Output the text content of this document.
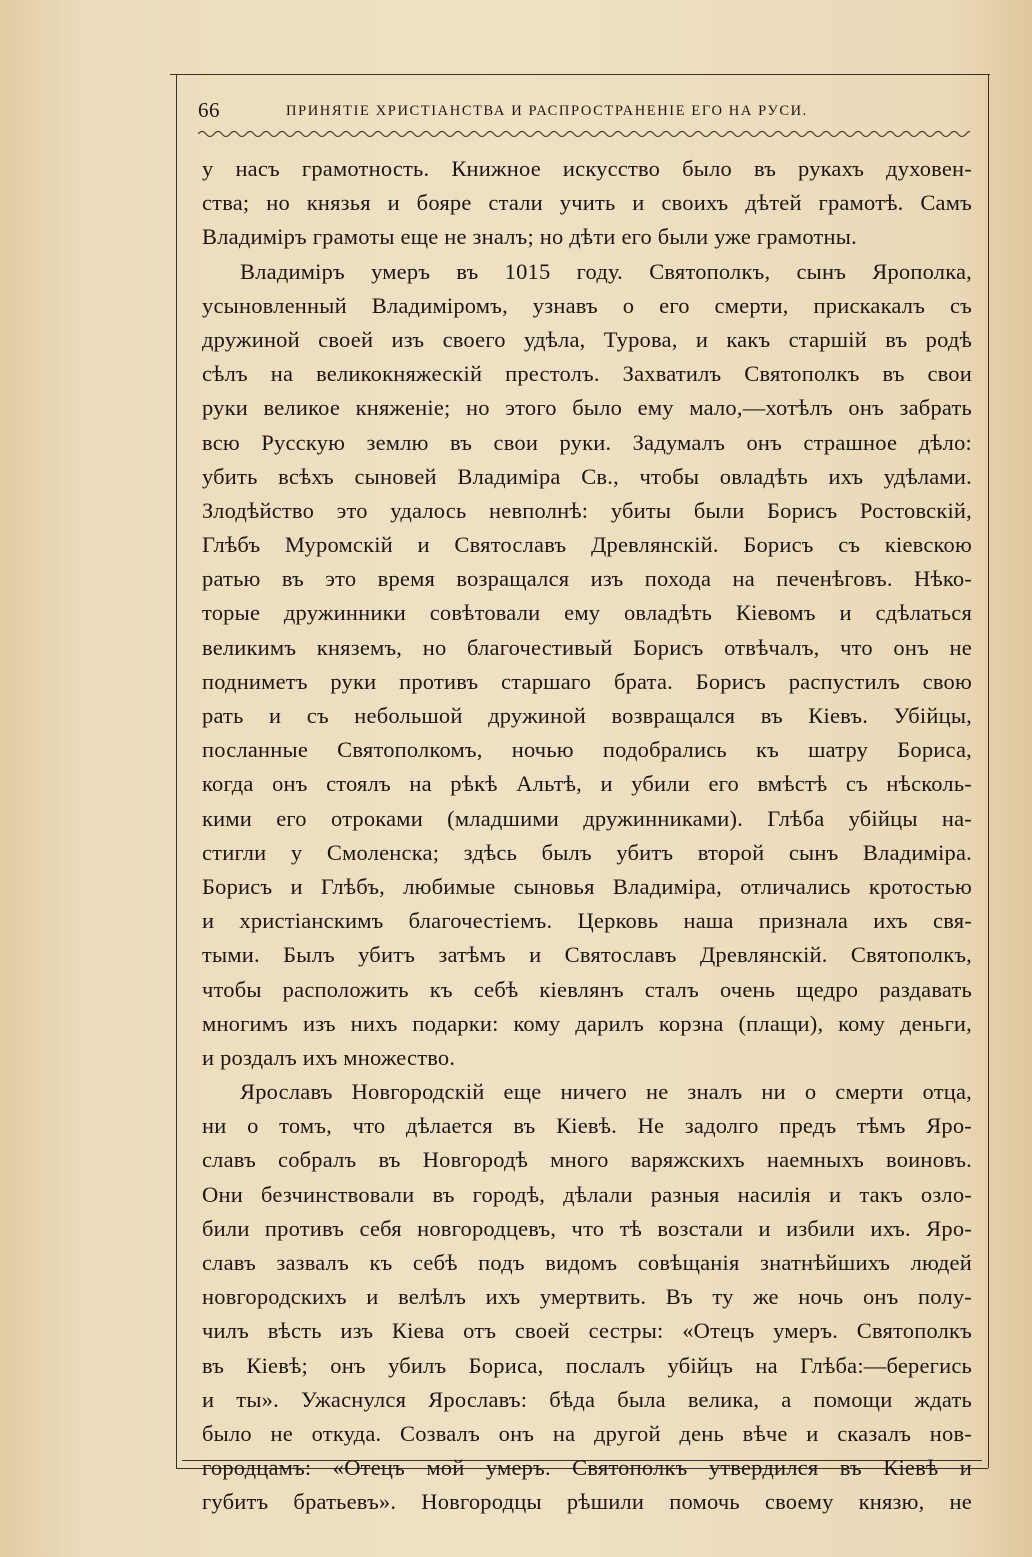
66	ПРИНЯТІЕ ХРИСТІАНСТВА И РАСПРОСТРАНЕНІЕ ЕГО НА РУСИ.
у насъ грамотность. Книжное искусство было въ рукахъ духовен-
ства; но князья и бояре стали учить и своихъ дѣтей грамотѣ. Самъ
Владиміръ грамоты еще не зналъ; но дѣти его были уже грамотны.
Владиміръ умеръ въ 1015 году. Святополкъ, сынъ Ярополка,
усыновленный Владиміромъ, узнавъ о его смерти, прискакалъ съ
дружиной своей изъ своего удѣла, Турова, и какъ старшій въ родѣ
сѣлъ на великокняжескій престолъ. Захватилъ Святополкъ въ свои
руки великое княженіе; но этого было ему мало,—хотѣлъ онъ забрать
всю Русскую землю въ свои руки. Задумалъ онъ страшное дѣло:
убить всѣхъ сыновей Владиміра Св., чтобы овладѣть ихъ удѣлами.
Злодѣйство это удалось невполнѣ: убиты были Борисъ Ростовскій,
Глѣбъ Муромскій и Святославъ Древлянскій. Борисъ съ кіевскою
ратью въ это время возращался изъ похода на печенѣговъ. Нѣко-
торые дружинники совѣтовали ему овладѣть Кіевомъ и сдѣлаться
великимъ княземъ, но благочестивый Борисъ отвѣчалъ, что онъ не
подниметъ руки противъ старшаго брата. Борисъ распустилъ свою
рать и съ небольшой дружиной возвращался въ Кіевъ. Убійцы,
посланные Святополкомъ, ночью подобрались къ шатру Бориса,
когда онъ стоялъ на рѣкѣ Альтѣ, и убили его вмѣстѣ съ нѣсколь-
кими его отроками (младшими дружинниками). Глѣба убійцы на-
стигли у Смоленска; здѣсь былъ убитъ второй сынъ Владиміра.
Борисъ и Глѣбъ, любимые сыновья Владиміра, отличались кротостью
и христіанскимъ благочестіемъ. Церковь наша признала ихъ свя-
тыми. Былъ убитъ затѣмъ и Святославъ Древлянскій. Святополкъ,
чтобы расположить къ себѣ кіевлянъ сталъ очень щедро раздавать
многимъ изъ нихъ подарки: кому дарилъ корзна (плащи), кому деньги,
и роздалъ ихъ множество.
Ярославъ Новгородскій еще ничего не зналъ ни о смерти отца,
ни о томъ, что дѣлается въ Кіевѣ. Не задолго предъ тѣмъ Яро-
славъ собралъ въ Новгородѣ много варяжскихъ наемныхъ воиновъ.
Они безчинствовали въ городѣ, дѣлали разныя насилія и такъ озло-
били противъ себя новгородцевъ, что тѣ возстали и избили ихъ. Яро-
славъ зазвалъ къ себѣ подъ видомъ совѣщанія знатнѣйшихъ людей
новгородскихъ и велѣлъ ихъ умертвить. Въ ту же ночь онъ полу-
чилъ вѣсть изъ Кіева отъ своей сестры: «Отецъ умеръ. Святополкъ
въ Кіевѣ; онъ убилъ Бориса, послалъ убійцъ на Глѣба:—берегись
и ты». Ужаснулся Ярославъ: бѣда была велика, а помощи ждать
было не откуда. Созвалъ онъ на другой день вѣче и сказалъ нов-
городцамъ: «Отецъ мой умеръ. Святополкъ утвердился въ Кіевѣ и
губитъ братьевъ». Новгородцы рѣшили помочь своему князю, не
